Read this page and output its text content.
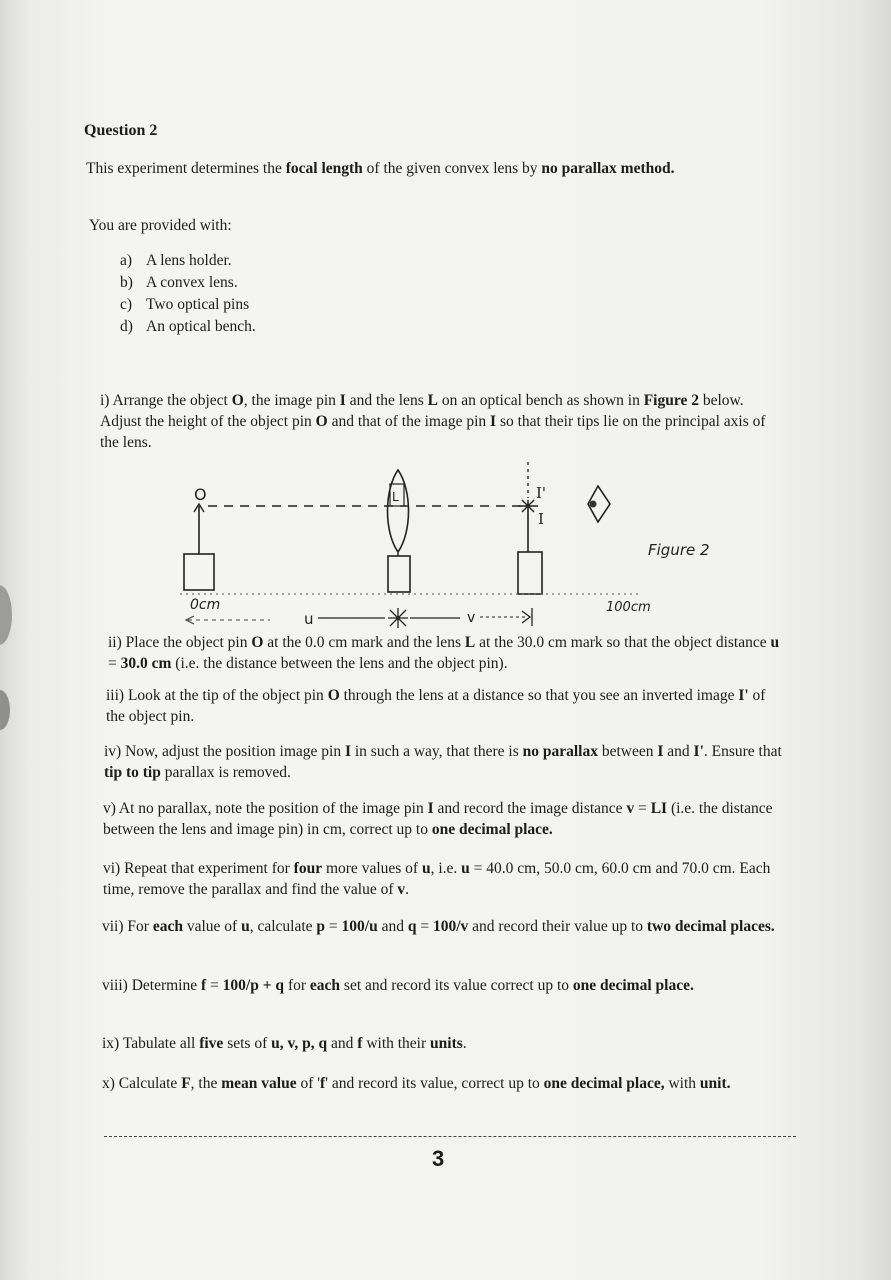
Question 2
This experiment determines the focal length of the given convex lens by no parallax method.
You are provided with:
a) A lens holder.
b) A convex lens.
c) Two optical pins
d) An optical bench.
i) Arrange the object O, the image pin I and the lens L on an optical bench as shown in Figure 2 below. Adjust the height of the object pin O and that of the image pin I so that their tips lie on the principal axis of the lens.
O	L	I'
I
Figure 2
0cm	100cm
u	v
ii) Place the object pin O at the 0.0 cm mark and the lens L at the 30.0 cm mark so that the object distance u = 30.0 cm (i.e. the distance between the lens and the object pin).
iii) Look at the tip of the object pin O through the lens at a distance so that you see an inverted image I' of the object pin.
iv) Now, adjust the position image pin I in such a way, that there is no parallax between I and I'. Ensure that tip to tip parallax is removed.
v) At no parallax, note the position of the image pin I and record the image distance v = LI (i.e. the distance between the lens and image pin) in cm, correct up to one decimal place.
vi) Repeat that experiment for four more values of u, i.e. u = 40.0 cm, 50.0 cm, 60.0 cm and 70.0 cm. Each time, remove the parallax and find the value of v.
vii) For each value of u, calculate p = 100/u and q = 100/v and record their value up to two decimal places.
viii) Determine f = 100/p + q for each set and record its value correct up to one decimal place.
ix) Tabulate all five sets of u, v, p, q and f with their units.
x) Calculate F, the mean value of 'f' and record its value, correct up to one decimal place, with unit.
3
